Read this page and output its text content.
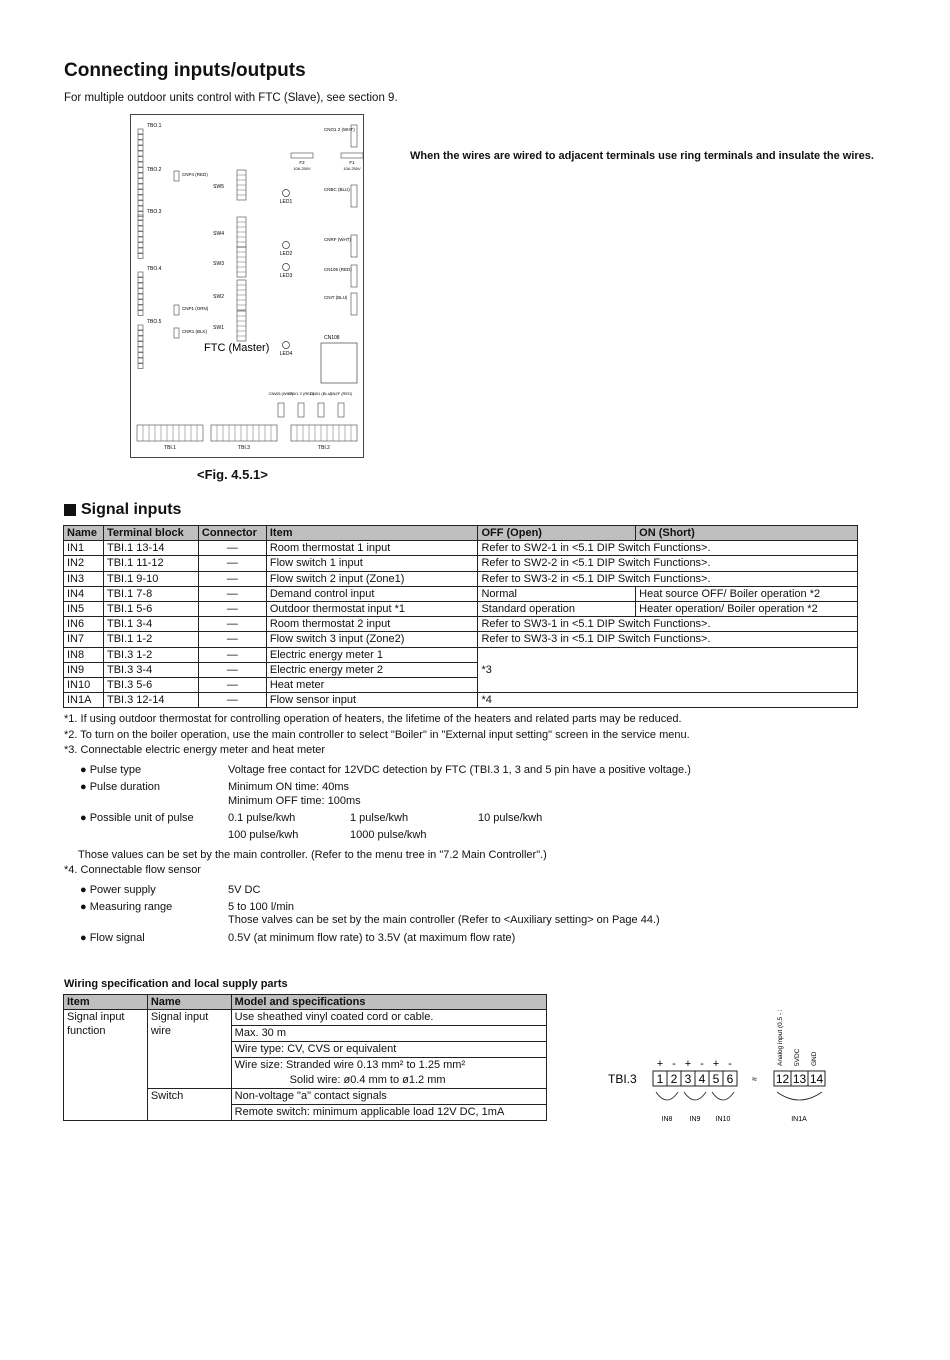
Connecting inputs/outputs
For multiple outdoor units control with FTC (Slave), see section 9.
TBO.1
TBO.2
TBO.3
TBO.4
TBO.5
SW5
SW4
SW3
SW2
SW1
LED1
LED2
LED3
LED4
F2
10A 250V
F1
10A 250V
CNO1 2 (WHT)
CNBC (BLU)
CNRF (WHT)
CN105 (RED)
CNIT (BLU)
CNP4 (RED)
CNP1 (ORN)
CNR1 (BLK)
CN108
FTC (Master)
CNW5 (WHT)
CNV1 2 (RED)
CN01 (BLU)
CN2F (RED)
TBI.1	TBI.3	TBI.2
When the wires are wired to adjacent terminals use ring terminals and insulate the wires.
<Fig. 4.5.1>
Signal inputs
Name	Terminal block	Connector	Item	OFF (Open)	ON (Short)
IN1	TBI.1 13-14	—	Room thermostat 1 input	Refer to SW2-1 in <5.1 DIP Switch Functions>.	
IN2	TBI.1 11-12	—	Flow switch 1 input	Refer to SW2-2 in <5.1 DIP Switch Functions>.	
IN3	TBI.1 9-10	—	Flow switch 2 input (Zone1)	Refer to SW3-2 in <5.1 DIP Switch Functions>.	
IN4	TBI.1 7-8	—	Demand control input	Normal	Heat source OFF/ Boiler operation *2
IN5	TBI.1 5-6	—	Outdoor thermostat input *1	Standard operation	Heater operation/ Boiler operation *2
IN6	TBI.1 3-4	—	Room thermostat 2 input	Refer to SW3-1 in <5.1 DIP Switch Functions>.	
IN7	TBI.1 1-2	—	Flow switch 3 input (Zone2)	Refer to SW3-3 in <5.1 DIP Switch Functions>.	
IN8	TBI.3 1-2	—	Electric energy meter 1	*3	
IN9	TBI.3 3-4	—	Electric energy meter 2		
IN10	TBI.3 5-6	—	Heat meter		
IN1A	TBI.3 12-14	—	Flow sensor input	*4	
*1. If using outdoor thermostat for controlling operation of heaters, the lifetime of the heaters and related parts may be reduced.
*2. To turn on the boiler operation, use the main controller to select "Boiler" in "External input setting" screen in the service menu.
*3. Connectable electric energy meter and heat meter
● Pulse type	Voltage free contact for 12VDC detection by FTC (TBI.3 1, 3 and 5 pin have a positive voltage.)
● Pulse duration	Minimum ON time: 40ms
Minimum OFF time: 100ms
● Possible unit of pulse	0.1 pulse/kwh	1 pulse/kwh	10 pulse/kwh
100 pulse/kwh	1000 pulse/kwh
Those values can be set by the main controller. (Refer to the menu tree in "7.2 Main Controller".)
*4. Connectable flow sensor
● Power supply	5V DC
● Measuring range	5 to 100 l/min
Those valves can be set by the main controller (Refer to <Auxiliary setting> on Page 44.)
● Flow signal	0.5V (at minimum flow rate) to 3.5V (at maximum flow rate)
Wiring specification and local supply parts
Item	Name	Model and specifications
Signal input function	Signal input wire	Use sheathed vinyl coated cord or cable.
Max. 30 m
Wire type: CV, CVS or equivalent
Wire size: Stranded wire 0.13 mm² to 1.25 mm²
Solid wire: ø0.4 mm to ø1.2 mm

	Switch	Non-voltage "a" contact signals
Remote switch: minimum applicable load 12V DC, 1mA
TBI.3 1
+
2
-
3
+
4
-
5
+
6
-
≈ 12 13 14
Analog input (0.5 - 3.5V) 5VDC GND
IN8 IN9 IN10	IN1A
